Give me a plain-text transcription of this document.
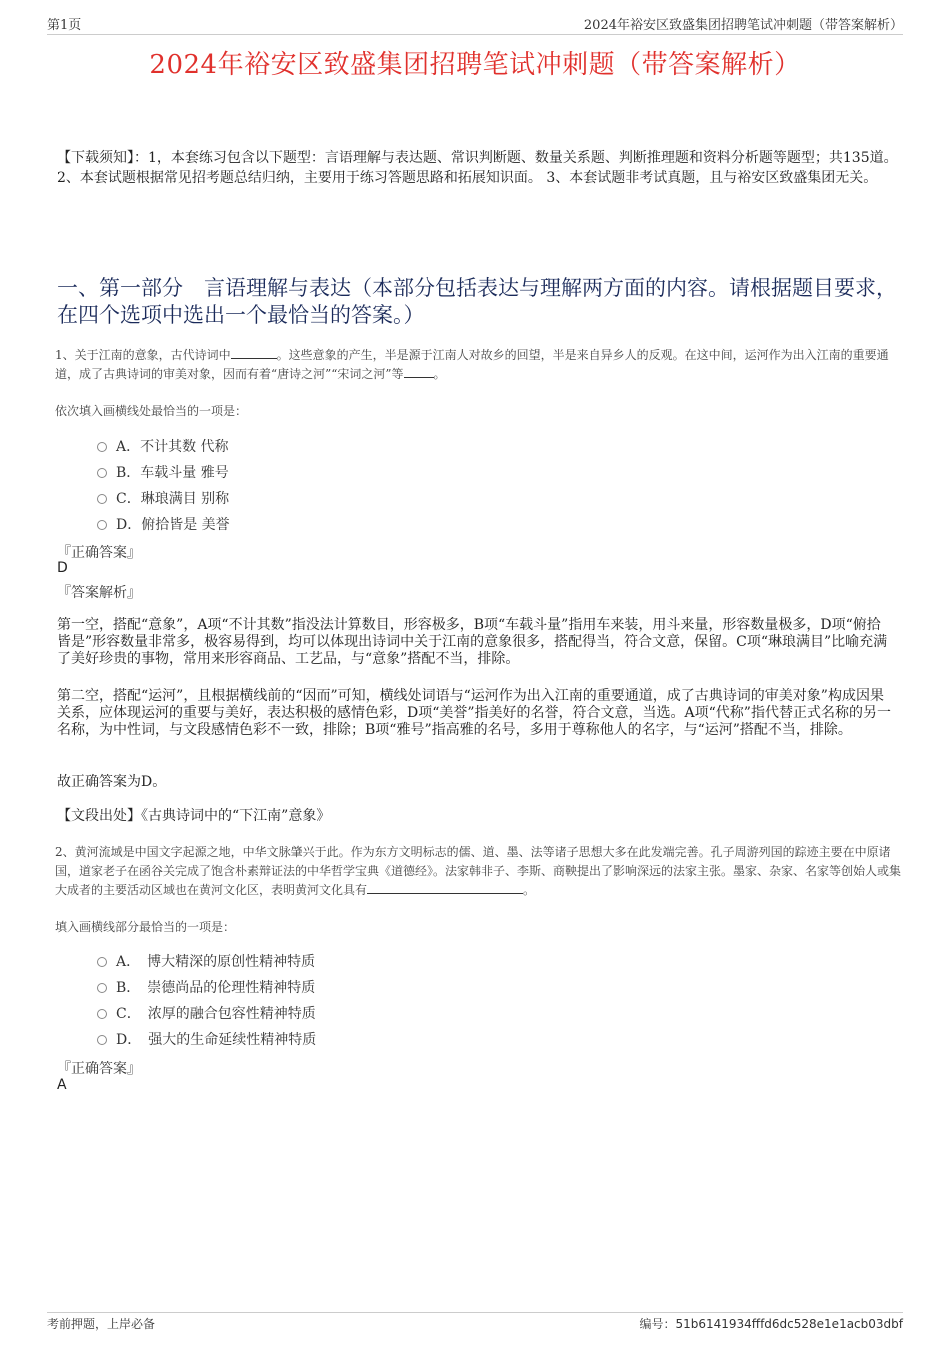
第1页	2024年裕安区致盛集团招聘笔试冲刺题（带答案解析）
2024年裕安区致盛集团招聘笔试冲刺题（带答案解析）
【下载须知】：1，本套练习包含以下题型：言语理解与表达题、常识判断题、数量关系题、判断推理题和资料分析题等题型；共135道。 2、本套试题根据常见招考题总结归纳，主要用于练习答题思路和拓展知识面。 3、本套试题非考试真题，且与裕安区致盛集团无关。
一、第一部分　言语理解与表达（本部分包括表达与理解两方面的内容。请根据题目要求，在四个选项中选出一个最恰当的答案。）
1、关于江南的意象，古代诗词中	。这些意象的产生，半是源于江南人对故乡的回望，半是来自异乡人的反观。在这中间，运河作为出入江南的重要通道，成了古典诗词的审美对象，因而有着“唐诗之河”“宋词之河”等	。
依次填入画横线处最恰当的一项是：
A．不计其数 代称
B．车载斗量 雅号
C．琳琅满目 别称
D．俯拾皆是 美誉
『正确答案』
D
『答案解析』
第一空，搭配“意象”，A项“不计其数”指没法计算数目，形容极多，B项“车载斗量”指用车来装，用斗来量，形容数量极多，D项“俯拾皆是”形容数量非常多，极容易得到，均可以体现出诗词中关于江南的意象很多，搭配得当，符合文意，保留。C项“琳琅满目”比喻充满了美好珍贵的事物，常用来形容商品、工艺品，与“意象”搭配不当，排除。
第二空，搭配“运河”，且根据横线前的“因而”可知，横线处词语与“运河作为出入江南的重要通道，成了古典诗词的审美对象”构成因果关系，应体现运河的重要与美好，表达积极的感情色彩，D项“美誉”指美好的名誉，符合文意，当选。A项“代称”指代替正式名称的另一名称，为中性词，与文段感情色彩不一致，排除；B项“雅号”指高雅的名号，多用于尊称他人的名字，与“运河”搭配不当，排除。
故正确答案为D。
【文段出处】《古典诗词中的“下江南”意象》
2、黄河流域是中国文字起源之地，中华文脉肇兴于此。作为东方文明标志的儒、道、墨、法等诸子思想大多在此发端完善。孔子周游列国的踪迹主要在中原诸国，道家老子在函谷关完成了饱含朴素辩证法的中华哲学宝典《道德经》。法家韩非子、李斯、商鞅提出了影响深远的法家主张。墨家、杂家、名家等创始人或集大成者的主要活动区域也在黄河文化区，表明黄河文化具有	。
填入画横线部分最恰当的一项是：
A．　博大精深的原创性精神特质
B．　崇德尚品的伦理性精神特质
C．　浓厚的融合包容性精神特质
D．　强大的生命延续性精神特质
『正确答案』
A
考前押题，上岸必备	编号：51b6141934fffd6dc528e1e1acb03dbf
